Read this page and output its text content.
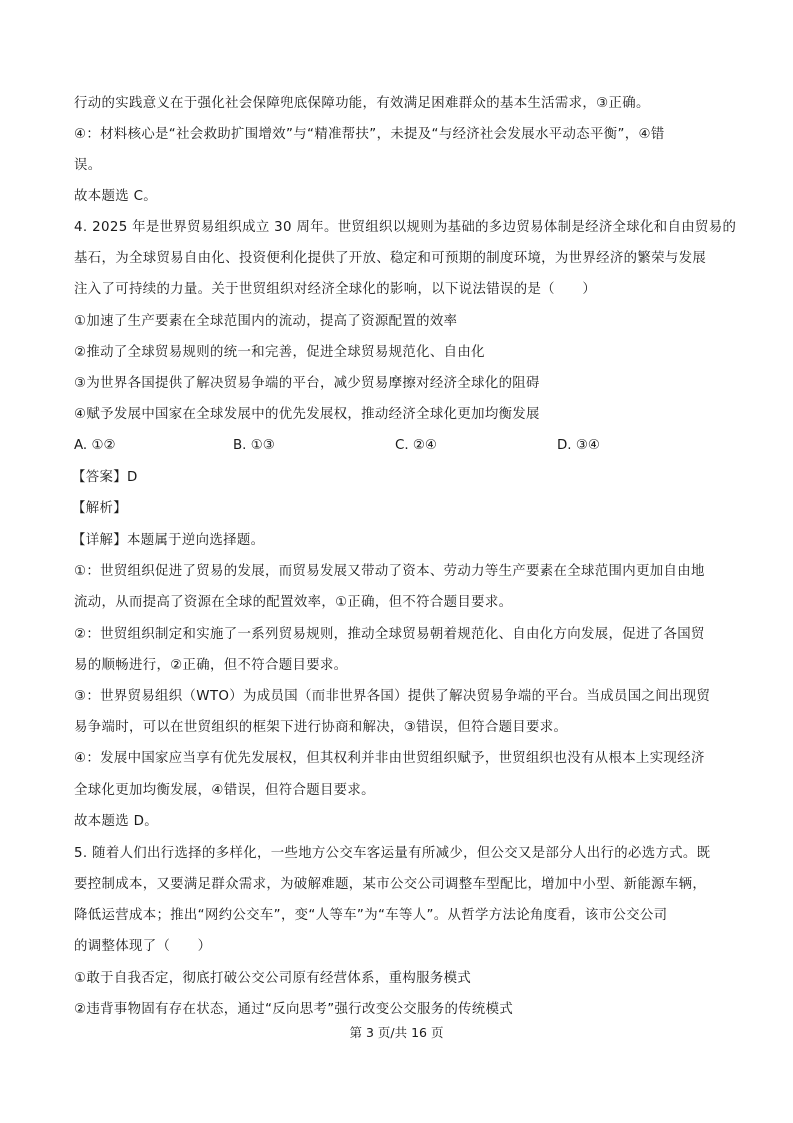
行动的实践意义在于强化社会保障兜底保障功能，有效满足困难群众的基本生活需求，③正确。

④：材料核心是“社会救助扩围增效”与“精准帮扶”，未提及“与经济社会发展水平动态平衡”，④错

误。

故本题选 C。

4. 2025 年是世界贸易组织成立 30 周年。世贸组织以规则为基础的多边贸易体制是经济全球化和自由贸易的

基石，为全球贸易自由化、投资便利化提供了开放、稳定和可预期的制度环境，为世界经济的繁荣与发展

注入了可持续的力量。关于世贸组织对经济全球化的影响，以下说法错误的是（　　）

①加速了生产要素在全球范围内的流动，提高了资源配置的效率

②推动了全球贸易规则的统一和完善，促进全球贸易规范化、自由化

③为世界各国提供了解决贸易争端的平台，减少贸易摩擦对经济全球化的阻碍

④赋予发展中国家在全球发展中的优先发展权，推动经济全球化更加均衡发展

A. ①②	B. ①③	C. ②④	D. ③④

【答案】D

【解析】

【详解】本题属于逆向选择题。

①：世贸组织促进了贸易的发展，而贸易发展又带动了资本、劳动力等生产要素在全球范围内更加自由地

流动，从而提高了资源在全球的配置效率，①正确，但不符合题目要求。

②：世贸组织制定和实施了一系列贸易规则，推动全球贸易朝着规范化、自由化方向发展，促进了各国贸

易的顺畅进行，②正确，但不符合题目要求。

③：世界贸易组织（WTO）为成员国（而非世界各国）提供了解决贸易争端的平台。当成员国之间出现贸

易争端时，可以在世贸组织的框架下进行协商和解决，③错误，但符合题目要求。

④：发展中国家应当享有优先发展权，但其权利并非由世贸组织赋予，世贸组织也没有从根本上实现经济

全球化更加均衡发展，④错误，但符合题目要求。

故本题选 D。

5. 随着人们出行选择的多样化，一些地方公交车客运量有所减少，但公交又是部分人出行的必选方式。既

要控制成本，又要满足群众需求，为破解难题，某市公交公司调整车型配比，增加中小型、新能源车辆，

降低运营成本；推出“网约公交车”，变“人等车”为“车等人”。从哲学方法论角度看，该市公交公司

的调整体现了（　　）

①敢于自我否定，彻底打破公交公司原有经营体系，重构服务模式

②违背事物固有存在状态，通过“反向思考”强行改变公交服务的传统模式

第 3 页/共 16 页
